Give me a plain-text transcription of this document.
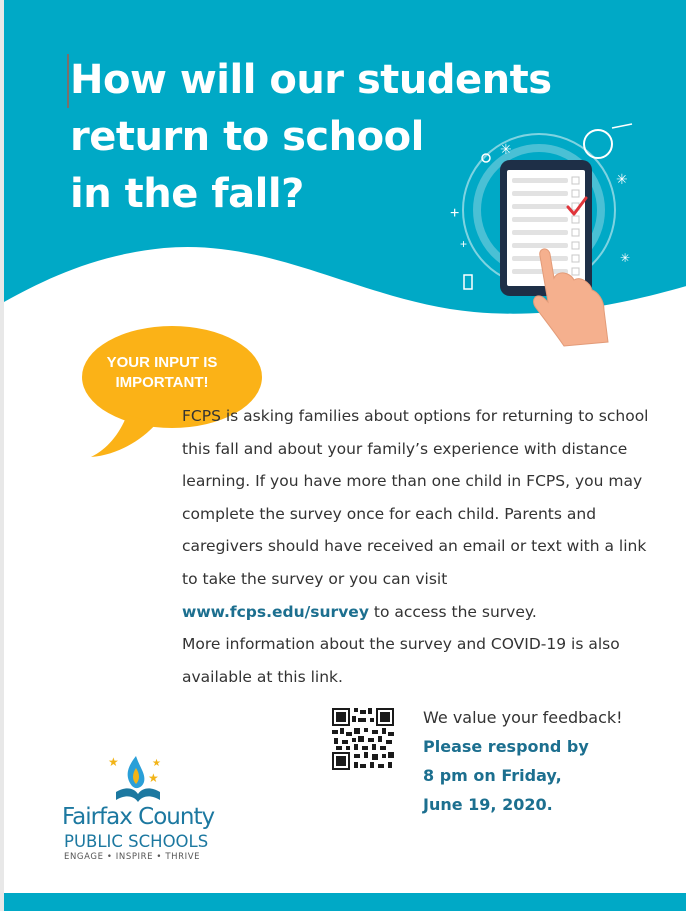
How will our students
return to school
in the fall?
✳
✳
+
+
✳
YOUR INPUT IS
IMPORTANT!

FCPS is asking families about options for returning to school this fall and about your family’s experience with distance learning. If you have more than one child in FCPS, you may complete the survey once for each child. Parents and caregivers should have received an email or text with a link to take the survey or you can visit
www.fcps.edu/survey to access the survey.

More information about the survey and COVID-19 is also available at this link.

We value your feedback!
Please respond by
8 pm on Friday,
June 19, 2020.
★	★
★
Fairfax County
PUBLIC SCHOOLS
ENGAGE • INSPIRE • THRIVE
